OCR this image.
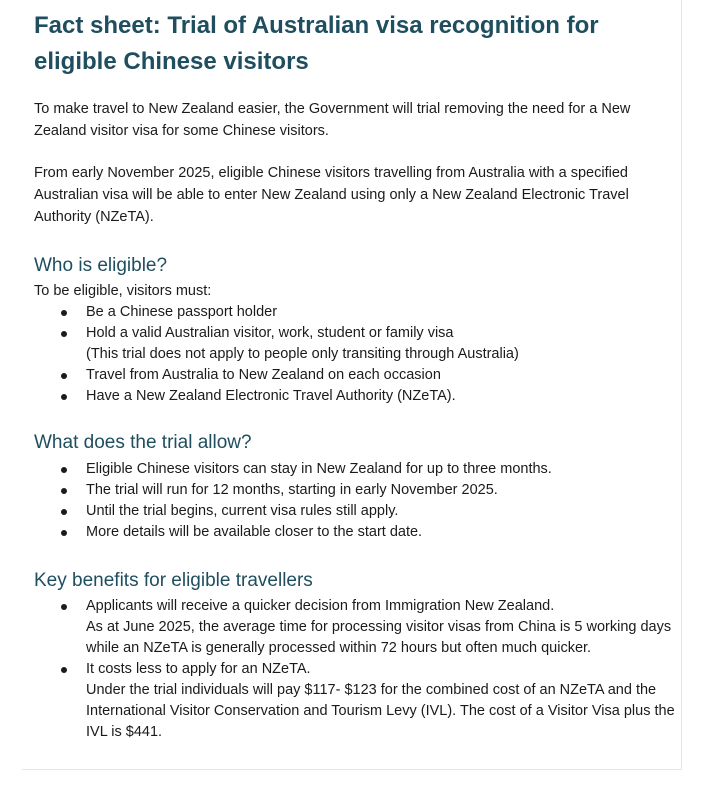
Fact sheet: Trial of Australian visa recognition for eligible Chinese visitors

To make travel to New Zealand easier, the Government will trial removing the need for a New Zealand visitor visa for some Chinese visitors.

From early November 2025, eligible Chinese visitors travelling from Australia with a specified Australian visa will be able to enter New Zealand using only a New Zealand Electronic Travel Authority (NZeTA).

Who is eligible?

To be eligible, visitors must:

Be a Chinese passport holder
Hold a valid Australian visitor, work, student or family visa
(This trial does not apply to people only transiting through Australia)
Travel from Australia to New Zealand on each occasion
Have a New Zealand Electronic Travel Authority (NZeTA).
What does the trial allow?
Eligible Chinese visitors can stay in New Zealand for up to three months.
The trial will run for 12 months, starting in early November 2025.
Until the trial begins, current visa rules still apply.
More details will be available closer to the start date.
Key benefits for eligible travellers
Applicants will receive a quicker decision from Immigration New Zealand.
As at June 2025, the average time for processing visitor visas from China is 5 working days while an NZeTA is generally processed within 72 hours but often much quicker.
It costs less to apply for an NZeTA.
Under the trial individuals will pay $117- $123 for the combined cost of an NZeTA and the International Visitor Conservation and Tourism Levy (IVL). The cost of a Visitor Visa plus the IVL is $441.
